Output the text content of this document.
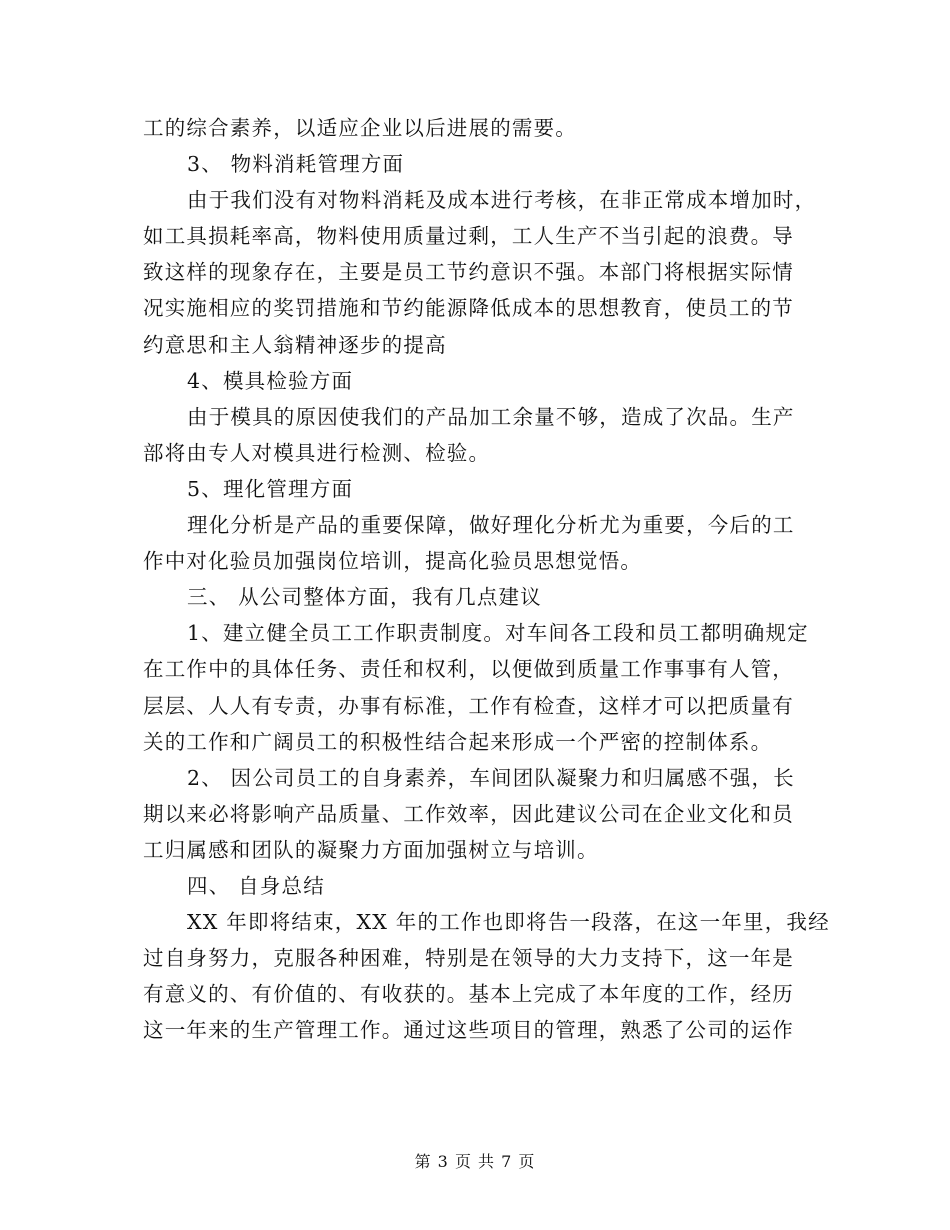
工的综合素养，以适应企业以后进展的需要。
3、 物料消耗管理方面
由于我们没有对物料消耗及成本进行考核，在非正常成本增加时，
如工具损耗率高，物料使用质量过剩，工人生产不当引起的浪费。导
致这样的现象存在，主要是员工节约意识不强。本部门将根据实际情
况实施相应的奖罚措施和节约能源降低成本的思想教育，使员工的节
约意思和主人翁精神逐步的提高
4、模具检验方面
由于模具的原因使我们的产品加工余量不够，造成了次品。生产
部将由专人对模具进行检测、检验。
5、理化管理方面
理化分析是产品的重要保障，做好理化分析尤为重要，今后的工
作中对化验员加强岗位培训，提高化验员思想觉悟。
三、 从公司整体方面，我有几点建议
1、建立健全员工工作职责制度。对车间各工段和员工都明确规定
在工作中的具体任务、责任和权利，以便做到质量工作事事有人管，
层层、人人有专责，办事有标准，工作有检查，这样才可以把质量有
关的工作和广阔员工的积极性结合起来形成一个严密的控制体系。
2、 因公司员工的自身素养，车间团队凝聚力和归属感不强，长
期以来必将影响产品质量、工作效率，因此建议公司在企业文化和员
工归属感和团队的凝聚力方面加强树立与培训。
四、 自身总结
XX 年即将结束，XX 年的工作也即将告一段落，在这一年里，我经
过自身努力，克服各种困难，特别是在领导的大力支持下，这一年是
有意义的、有价值的、有收获的。基本上完成了本年度的工作，经历
这一年来的生产管理工作。通过这些项目的管理，熟悉了公司的运作
第 3 页 共 7 页
